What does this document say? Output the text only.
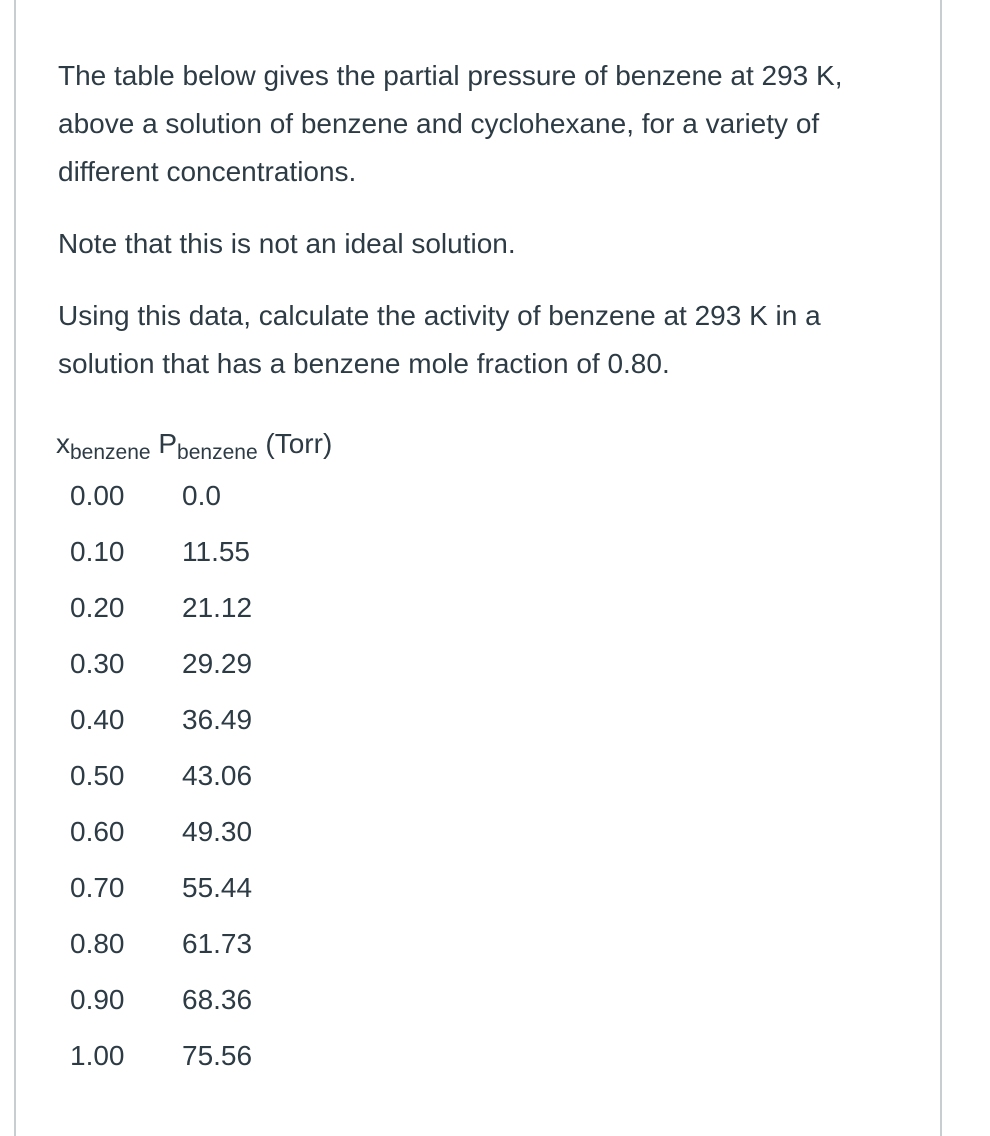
The table below gives the partial pressure of benzene at 293 K, above a solution of benzene and cyclohexane, for a variety of different concentrations.

Note that this is not an ideal solution.

Using this data, calculate the activity of benzene at 293 K in a solution that has a benzene mole fraction of 0.80.

$x_{benzene}$ $P_{benzene}$ (Torr)	
0.00	0.0
0.10	11.55
0.20	21.12
0.30	29.29
0.40	36.49
0.50	43.06
0.60	49.30
0.70	55.44
0.80	61.73
0.90	68.36
1.00	75.56
